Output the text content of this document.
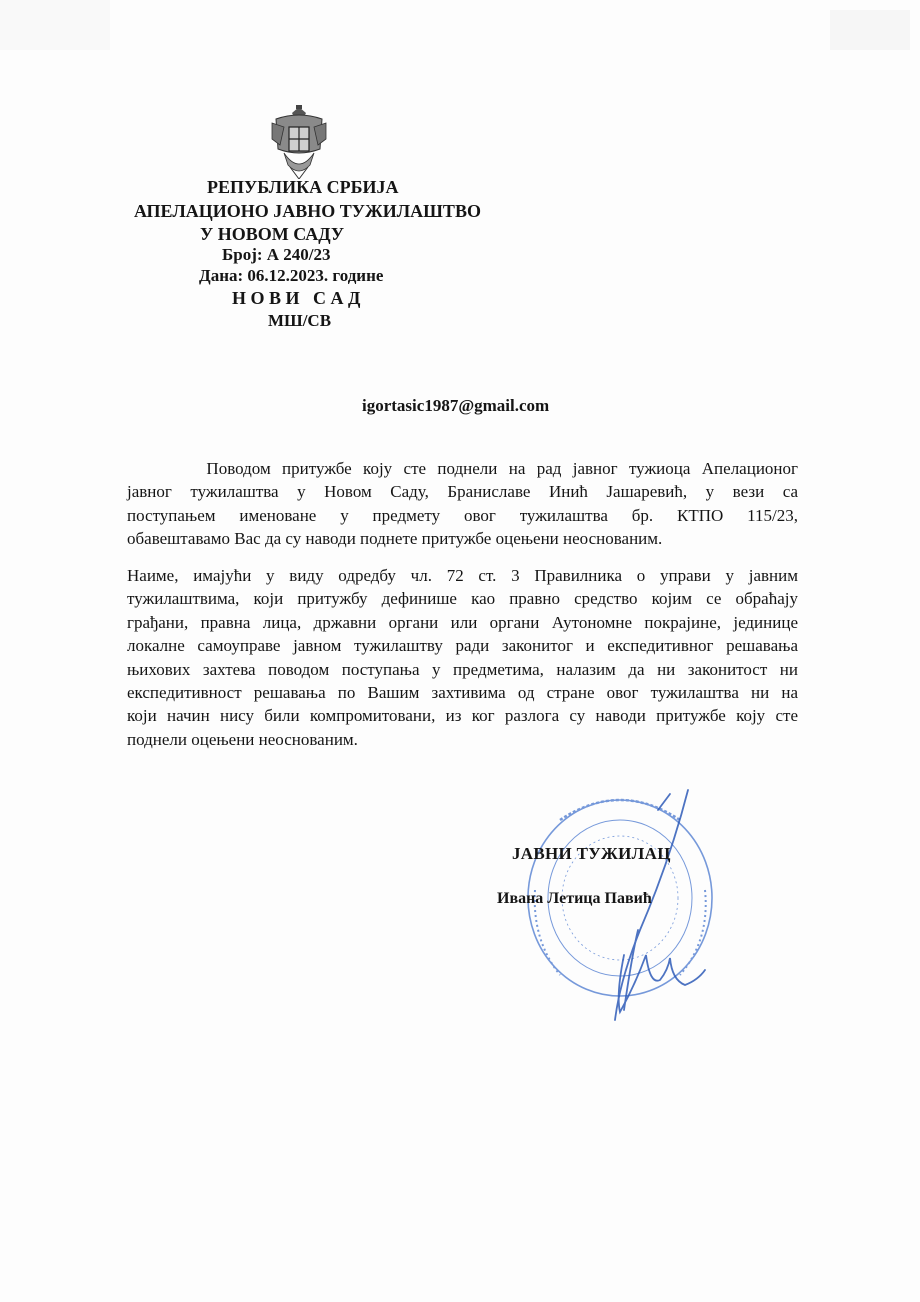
РЕПУБЛИКА СРБИЈА
АПЕЛАЦИОНО ЈАВНО ТУЖИЛАШТВО
У НОВОМ САДУ
Број: А 240/23
Дана: 06.12.2023. године
Н О В И   С А Д
МШ/СВ
igortasic1987@gmail.com
Поводом притужбе коју сте поднели на рад јавног тужиоца Апелационог
јавног тужилаштва у Новом Саду, Браниславе Инић Јашаревић, у вези са
поступањем именоване у предмету овог тужилаштва бр. КТПО 115/23,
обавештавамо Вас да су наводи поднете притужбе оцењени неоснованим.
Наиме, имајући у виду одредбу чл. 72 ст. 3 Правилника о управи у јавним
тужилаштвима, који притужбу дефинише као правно средство којим се обраћају
грађани, правна лица, државни органи или органи Аутономне покрајине, јединице
локалне самоуправе јавном тужилаштву ради законитог и експедитивног решавања
њихових захтева поводом поступања у предметима, налазим да ни законитост ни
експедитивност решавања по Вашим захтивима од стране овог тужилаштва ни на
који начин нису били компромитовани, из ког разлога су наводи притужбе коју сте
поднели оцењени неоснованим.
ЈАВНИ ТУЖИЛАЦ
Ивана Летица Павић
